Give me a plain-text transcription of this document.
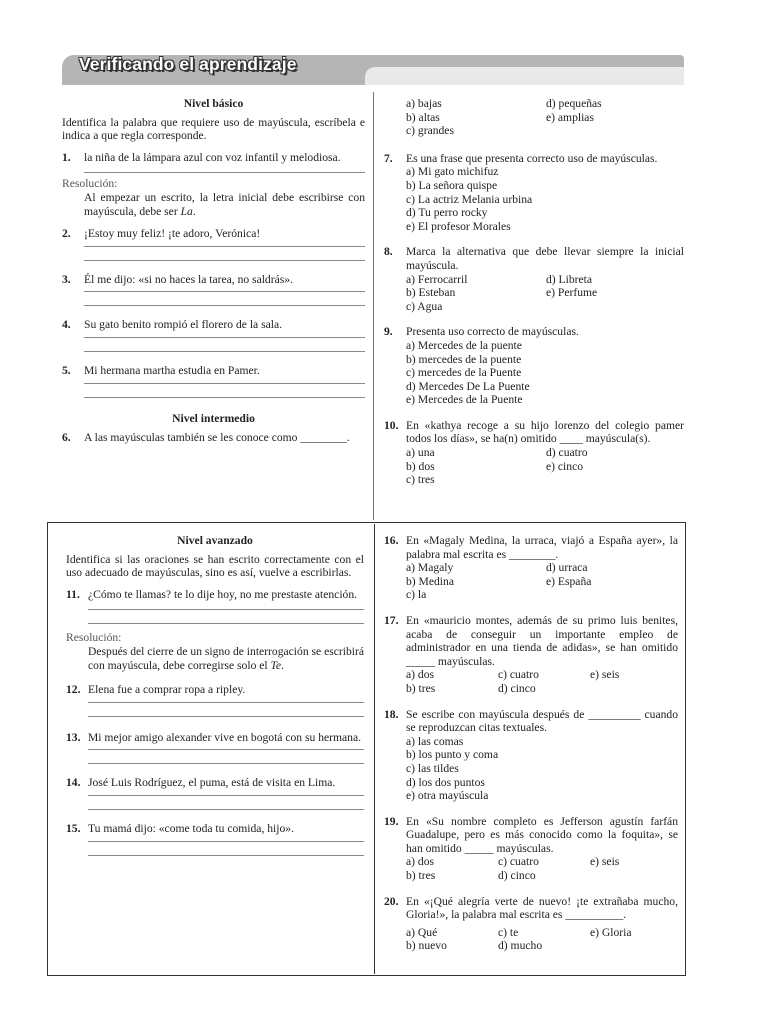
Verificando el aprendizaje

Nivel básico

Identifica la palabra que requiere uso de mayúscula, escríbela e indica a que regla corresponde.

1. la niña de la lámpara azul con voz infantil y melodiosa.

Resolución:

Al empezar un escrito, la letra inicial debe escribirse con mayúscula, debe ser La.

2. ¡Estoy muy feliz! ¡te adoro, Verónica!

3. Él me dijo: «si no haces la tarea, no saldrás».

4. Su gato benito rompió el florero de la sala.

5. Mi hermana martha estudia en Pamer.

Nivel intermedio

6. A las mayúsculas también se les conoce como ________.

a) bajas	d) pequeñas
b) altas	e) amplias
c) grandes
7. Es una frase que presenta correcto uso de mayúsculas.

a) Mi gato michifuz

b) La señora quispe

c) La actriz Melania urbina

d) Tu perro rocky

e) El profesor Morales

8. Marca la alternativa que debe llevar siempre la inicial mayúscula.

a) Ferrocarril	d) Libreta
b) Esteban	e) Perfume
c) Agua
9. Presenta uso correcto de mayúsculas.

a) Mercedes de la puente

b) mercedes de la puente

c) mercedes de la Puente

d) Mercedes De La Puente

e) Mercedes de la Puente

10. En «kathya recoge a su hijo lorenzo del colegio pamer todos los días», se ha(n) omitido ____ mayúscula(s).

a) una	d) cuatro
b) dos	e) cinco
c) tres

Nivel avanzado

Identifica si las oraciones se han escrito correctamente con el uso adecuado de mayúsculas, sino es así, vuelve a escribirlas.

11. ¿Cómo te llamas? te lo dije hoy, no me prestaste atención.

Resolución:

Después del cierre de un signo de interrogación se escribirá con mayúscula, debe corregirse solo el Te.

12. Elena fue a comprar ropa a ripley.

13. Mi mejor amigo alexander vive en bogotá con su hermana.

14. José Luis Rodríguez, el puma, está de visita en Lima.

15. Tu mamá dijo: «come toda tu comida, hijo».

16. En «Magaly Medina, la urraca, viajó a España ayer», la palabra mal escrita es ________.

a) Magaly	d) urraca
b) Medina	e) España
c) la
17. En «mauricio montes, además de su primo luis benites, acaba de conseguir un importante empleo de administrador en una tienda de adidas», se han omitido _____ mayúsculas.

a) dos	c) cuatro	e) seis
b) tres	d) cinco
18. Se escribe con mayúscula después de _________ cuando se reproduzcan citas textuales.

a) las comas

b) los punto y coma

c) las tildes

d) los dos puntos

e) otra mayúscula

19. En «Su nombre completo es Jefferson agustín farfán Guadalupe, pero es más conocido como la foquita», se han omitido _____ mayúsculas.

a) dos	c) cuatro	e) seis
b) tres	d) cinco
20. En «¡Qué alegría verte de nuevo! ¡te extrañaba mucho, Gloria!», la palabra mal escrita es __________.

a) Qué	c) te	e) Gloria
b) nuevo	d) mucho
